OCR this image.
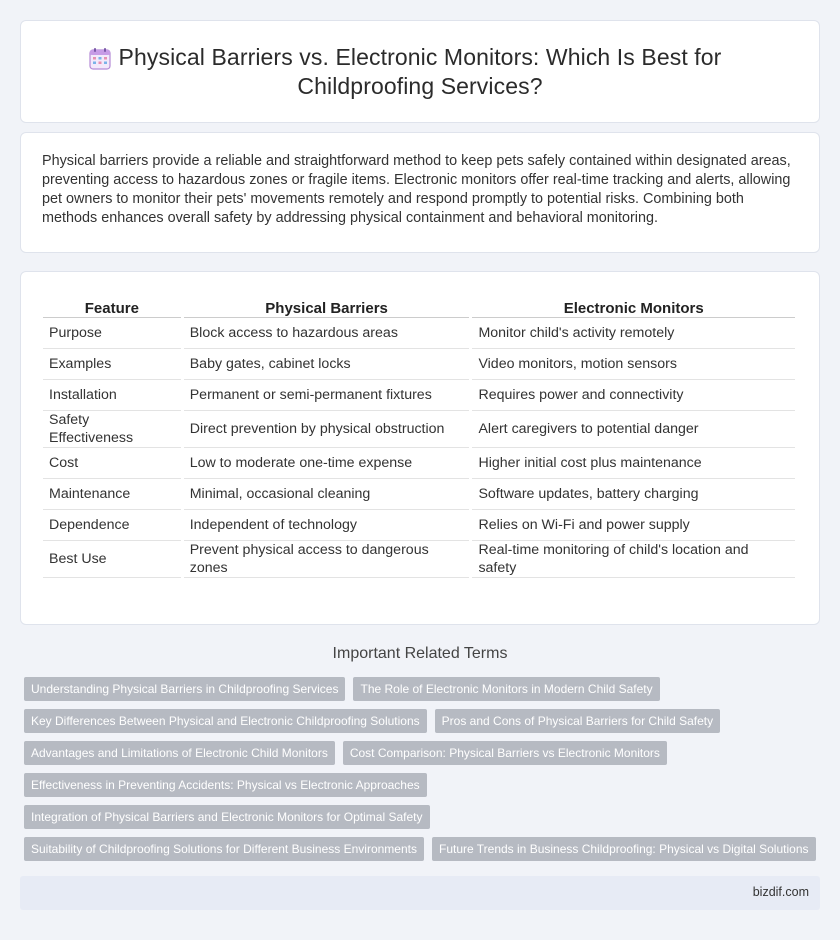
Physical Barriers vs. Electronic Monitors: Which Is Best for Childproofing Services?

Physical barriers provide a reliable and straightforward method to keep pets safely contained within designated areas, preventing access to hazardous zones or fragile items. Electronic monitors offer real-time tracking and alerts, allowing pet owners to monitor their pets' movements remotely and respond promptly to potential risks. Combining both methods enhances overall safety by addressing physical containment and behavioral monitoring.

Feature	Physical Barriers	Electronic Monitors
Purpose	Block access to hazardous areas	Monitor child's activity remotely
Examples	Baby gates, cabinet locks	Video monitors, motion sensors
Installation	Permanent or semi-permanent fixtures	Requires power and connectivity
Safety Effectiveness	Direct prevention by physical obstruction	Alert caregivers to potential danger
Cost	Low to moderate one-time expense	Higher initial cost plus maintenance
Maintenance	Minimal, occasional cleaning	Software updates, battery charging
Dependence	Independent of technology	Relies on Wi-Fi and power supply
Best Use	Prevent physical access to dangerous zones	Real-time monitoring of child's location and safety
Important Related Terms
Understanding Physical Barriers in Childproofing Services	The Role of Electronic Monitors in Modern Child Safety
Key Differences Between Physical and Electronic Childproofing Solutions	Pros and Cons of Physical Barriers for Child Safety
Advantages and Limitations of Electronic Child Monitors	Cost Comparison: Physical Barriers vs Electronic Monitors
Effectiveness in Preventing Accidents: Physical vs Electronic Approaches
Integration of Physical Barriers and Electronic Monitors for Optimal Safety
Suitability of Childproofing Solutions for Different Business Environments	Future Trends in Business Childproofing: Physical vs Digital Solutions
bizdif.com
